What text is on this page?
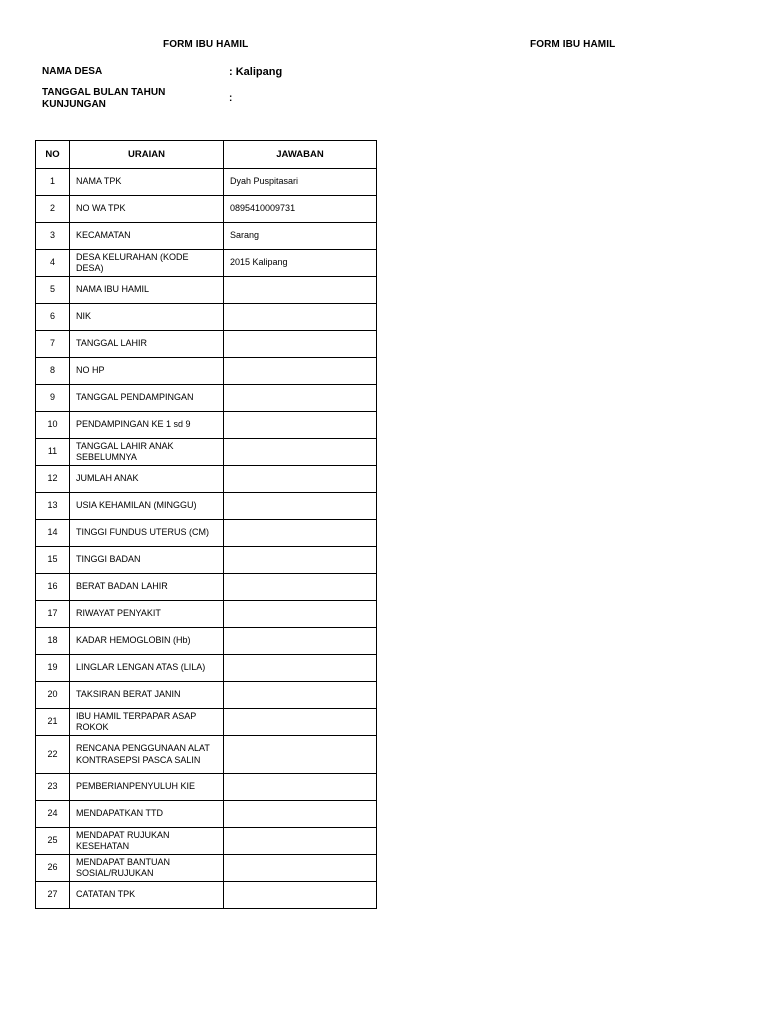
FORM IBU HAMIL	FORM IBU HAMIL
NAMA DESA	: Kalipang
TANGGAL BULAN TAHUN KUNJUNGAN
:
NO	URAIAN	JAWABAN
1	NAMA TPK	Dyah Puspitasari
2	NO WA TPK	0895410009731
3	KECAMATAN	Sarang
4	DESA KELURAHAN (KODE DESA)	2015 Kalipang
5	NAMA IBU HAMIL	
6	NIK	
7	TANGGAL LAHIR	
8	NO HP	
9	TANGGAL PENDAMPINGAN	
10	PENDAMPINGAN KE 1 sd 9	
11	TANGGAL LAHIR ANAK SEBELUMNYA	
12	JUMLAH ANAK	
13	USIA KEHAMILAN (MINGGU)	
14	TINGGI FUNDUS UTERUS (CM)	
15	TINGGI BADAN	
16	BERAT BADAN LAHIR	
17	RIWAYAT PENYAKIT	
18	KADAR HEMOGLOBIN (Hb)	
19	LINGLAR LENGAN ATAS (LILA)	
20	TAKSIRAN BERAT JANIN	
21	IBU HAMIL TERPAPAR ASAP ROKOK	
22	RENCANA PENGGUNAAN ALAT KONTRASEPSI PASCA SALIN	
23	PEMBERIANPENYULUH KIE	
24	MENDAPATKAN TTD	
25	MENDAPAT RUJUKAN KESEHATAN	
26	MENDAPAT BANTUAN SOSIAL/RUJUKAN	
27	CATATAN TPK	
